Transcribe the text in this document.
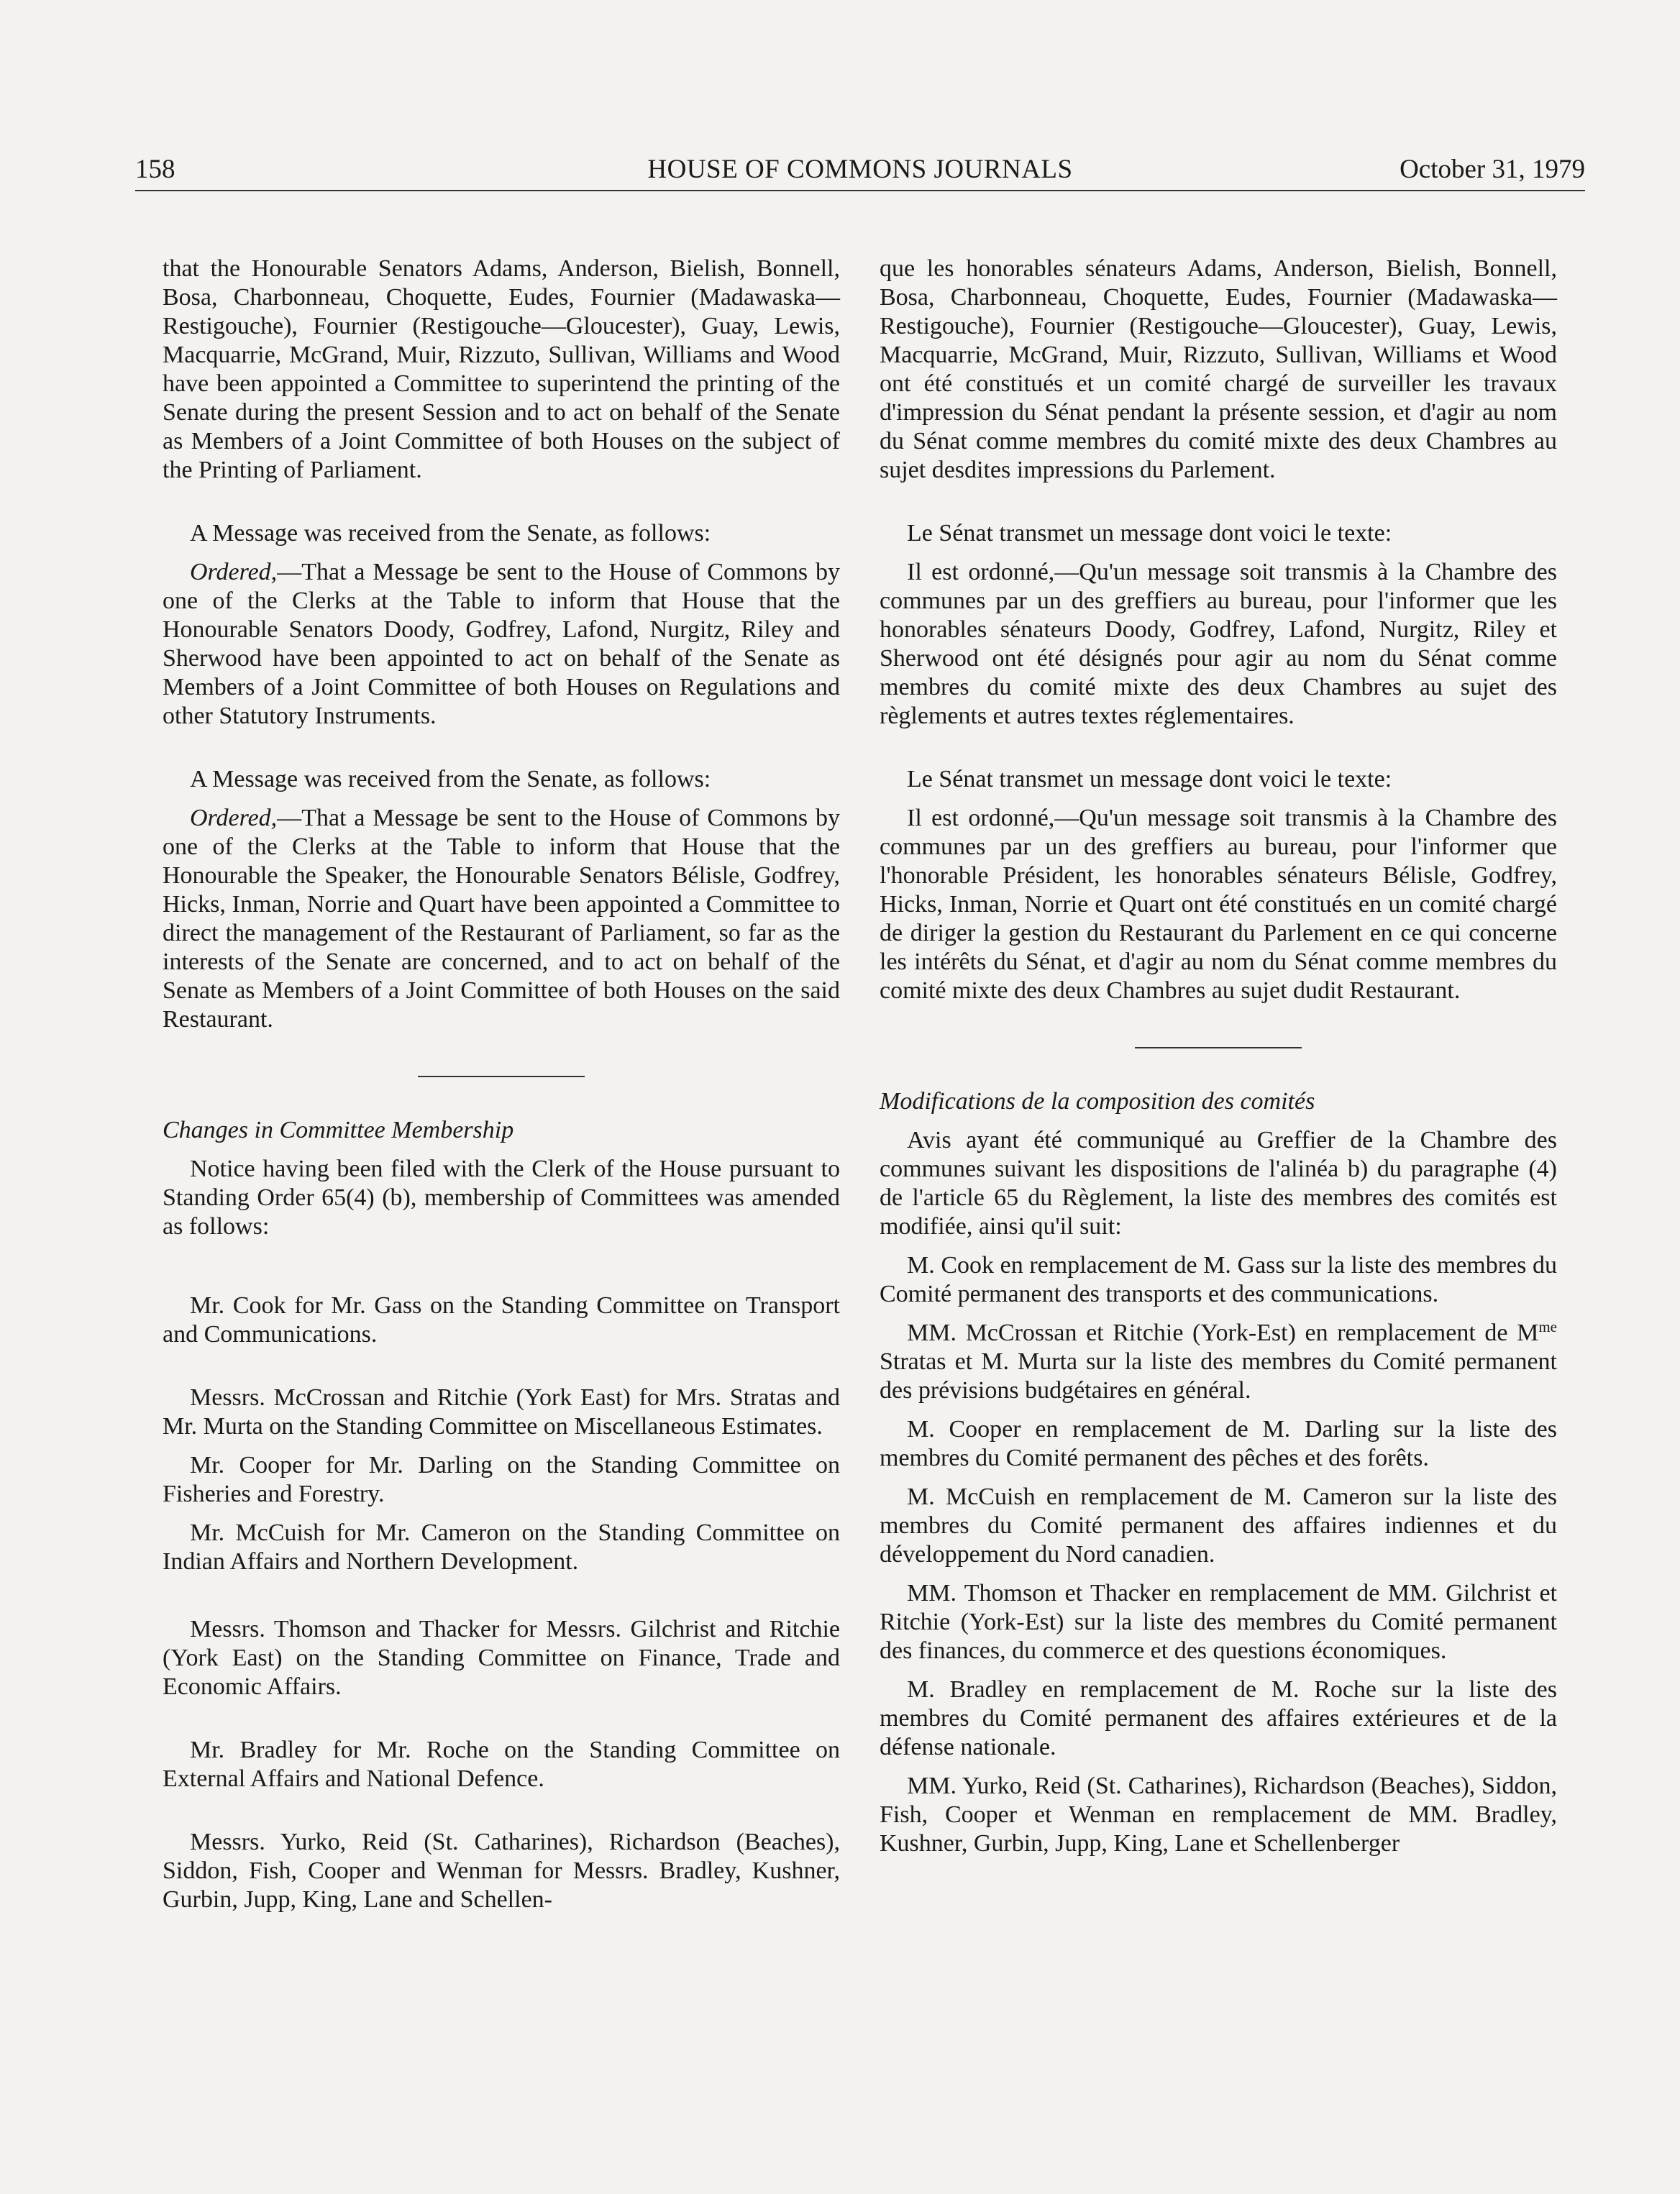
158	HOUSE OF COMMONS JOURNALS	October 31, 1979

that the Honourable Senators Adams, Anderson, Bielish, Bonnell, Bosa, Charbonneau, Choquette, Eudes, Fournier (Madawaska—Restigouche), Fournier (Restigouche—Gloucester), Guay, Lewis, Macquarrie, McGrand, Muir, Rizzuto, Sullivan, Williams and Wood have been appointed a Committee to superintend the printing of the Senate during the present Session and to act on behalf of the Senate as Members of a Joint Committee of both Houses on the subject of the Printing of Parliament.

A Message was received from the Senate, as follows:

Ordered,—That a Message be sent to the House of Commons by one of the Clerks at the Table to inform that House that the Honourable Senators Doody, Godfrey, Lafond, Nurgitz, Riley and Sherwood have been appointed to act on behalf of the Senate as Members of a Joint Committee of both Houses on Regulations and other Statutory Instruments.

A Message was received from the Senate, as follows:

Ordered,—That a Message be sent to the House of Commons by one of the Clerks at the Table to inform that House that the Honourable the Speaker, the Honourable Senators Bélisle, Godfrey, Hicks, Inman, Norrie and Quart have been appointed a Committee to direct the management of the Restaurant of Parliament, so far as the interests of the Senate are concerned, and to act on behalf of the Senate as Members of a Joint Committee of both Houses on the said Restaurant.

Changes in Committee Membership

Notice having been filed with the Clerk of the House pursuant to Standing Order 65(4) (b), membership of Committees was amended as follows:

Mr. Cook for Mr. Gass on the Standing Committee on Transport and Communications.

Messrs. McCrossan and Ritchie (York East) for Mrs. Stratas and Mr. Murta on the Standing Committee on Miscellaneous Estimates.

Mr. Cooper for Mr. Darling on the Standing Committee on Fisheries and Forestry.

Mr. McCuish for Mr. Cameron on the Standing Committee on Indian Affairs and Northern Development.

Messrs. Thomson and Thacker for Messrs. Gilchrist and Ritchie (York East) on the Standing Committee on Finance, Trade and Economic Affairs.

Mr. Bradley for Mr. Roche on the Standing Committee on External Affairs and National Defence.

Messrs. Yurko, Reid (St. Catharines), Richardson (Beaches), Siddon, Fish, Cooper and Wenman for Messrs. Bradley, Kushner, Gurbin, Jupp, King, Lane and Schellen-

que les honorables sénateurs Adams, Anderson, Bielish, Bonnell, Bosa, Charbonneau, Choquette, Eudes, Fournier (Madawaska—Restigouche), Fournier (Restigouche—Gloucester), Guay, Lewis, Macquarrie, McGrand, Muir, Rizzuto, Sullivan, Williams et Wood ont été constitués et un comité chargé de surveiller les travaux d'impression du Sénat pendant la présente session, et d'agir au nom du Sénat comme membres du comité mixte des deux Chambres au sujet desdites impressions du Parlement.

Le Sénat transmet un message dont voici le texte:

Il est ordonné,—Qu'un message soit transmis à la Chambre des communes par un des greffiers au bureau, pour l'informer que les honorables sénateurs Doody, Godfrey, Lafond, Nurgitz, Riley et Sherwood ont été désignés pour agir au nom du Sénat comme membres du comité mixte des deux Chambres au sujet des règlements et autres textes réglementaires.

Le Sénat transmet un message dont voici le texte:

Il est ordonné,—Qu'un message soit transmis à la Chambre des communes par un des greffiers au bureau, pour l'informer que l'honorable Président, les honorables sénateurs Bélisle, Godfrey, Hicks, Inman, Norrie et Quart ont été constitués en un comité chargé de diriger la gestion du Restaurant du Parlement en ce qui concerne les intérêts du Sénat, et d'agir au nom du Sénat comme membres du comité mixte des deux Chambres au sujet dudit Restaurant.

Modifications de la composition des comités

Avis ayant été communiqué au Greffier de la Chambre des communes suivant les dispositions de l'alinéa b) du paragraphe (4) de l'article 65 du Règlement, la liste des membres des comités est modifiée, ainsi qu'il suit:

M. Cook en remplacement de M. Gass sur la liste des membres du Comité permanent des transports et des communications.

MM. McCrossan et Ritchie (York-Est) en remplacement de $M^{me}$ Stratas et M. Murta sur la liste des membres du Comité permanent des prévisions budgétaires en général.

M. Cooper en remplacement de M. Darling sur la liste des membres du Comité permanent des pêches et des forêts.

M. McCuish en remplacement de M. Cameron sur la liste des membres du Comité permanent des affaires indiennes et du développement du Nord canadien.

MM. Thomson et Thacker en remplacement de MM. Gilchrist et Ritchie (York-Est) sur la liste des membres du Comité permanent des finances, du commerce et des questions économiques.

M. Bradley en remplacement de M. Roche sur la liste des membres du Comité permanent des affaires extérieures et de la défense nationale.

MM. Yurko, Reid (St. Catharines), Richardson (Beaches), Siddon, Fish, Cooper et Wenman en remplacement de MM. Bradley, Kushner, Gurbin, Jupp, King, Lane et Schellenberger
